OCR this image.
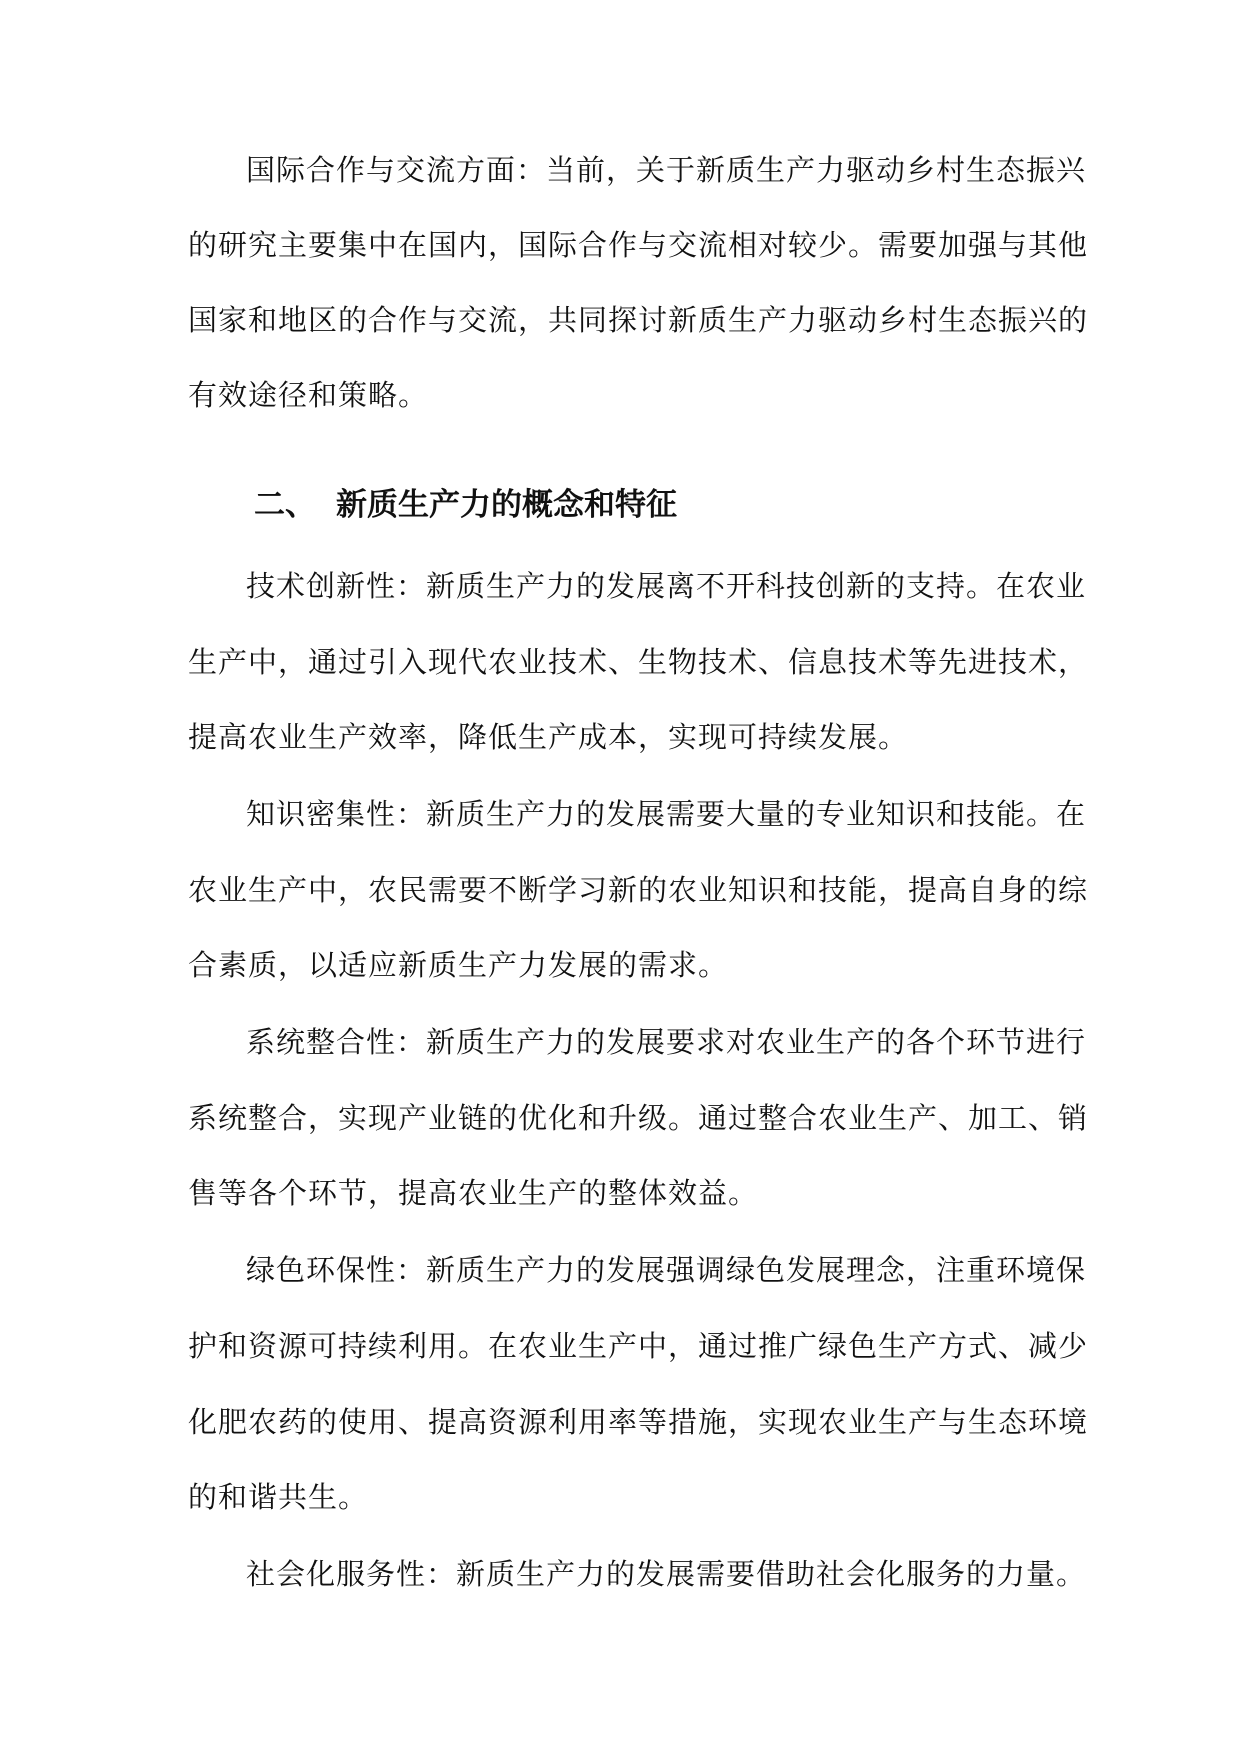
国际合作与交流方面：当前，关于新质生产力驱动乡村生态振兴
的研究主要集中在国内，国际合作与交流相对较少。需要加强与其他
国家和地区的合作与交流，共同探讨新质生产力驱动乡村生态振兴的
有效途径和策略。
二、 新质生产力的概念和特征
技术创新性：新质生产力的发展离不开科技创新的支持。在农业
生产中，通过引入现代农业技术、生物技术、信息技术等先进技术，
提高农业生产效率，降低生产成本，实现可持续发展。
知识密集性：新质生产力的发展需要大量的专业知识和技能。在
农业生产中，农民需要不断学习新的农业知识和技能，提高自身的综
合素质，以适应新质生产力发展的需求。
系统整合性：新质生产力的发展要求对农业生产的各个环节进行
系统整合，实现产业链的优化和升级。通过整合农业生产、加工、销
售等各个环节，提高农业生产的整体效益。
绿色环保性：新质生产力的发展强调绿色发展理念，注重环境保
护和资源可持续利用。在农业生产中，通过推广绿色生产方式、减少
化肥农药的使用、提高资源利用率等措施，实现农业生产与生态环境
的和谐共生。
社会化服务性：新质生产力的发展需要借助社会化服务的力量。
